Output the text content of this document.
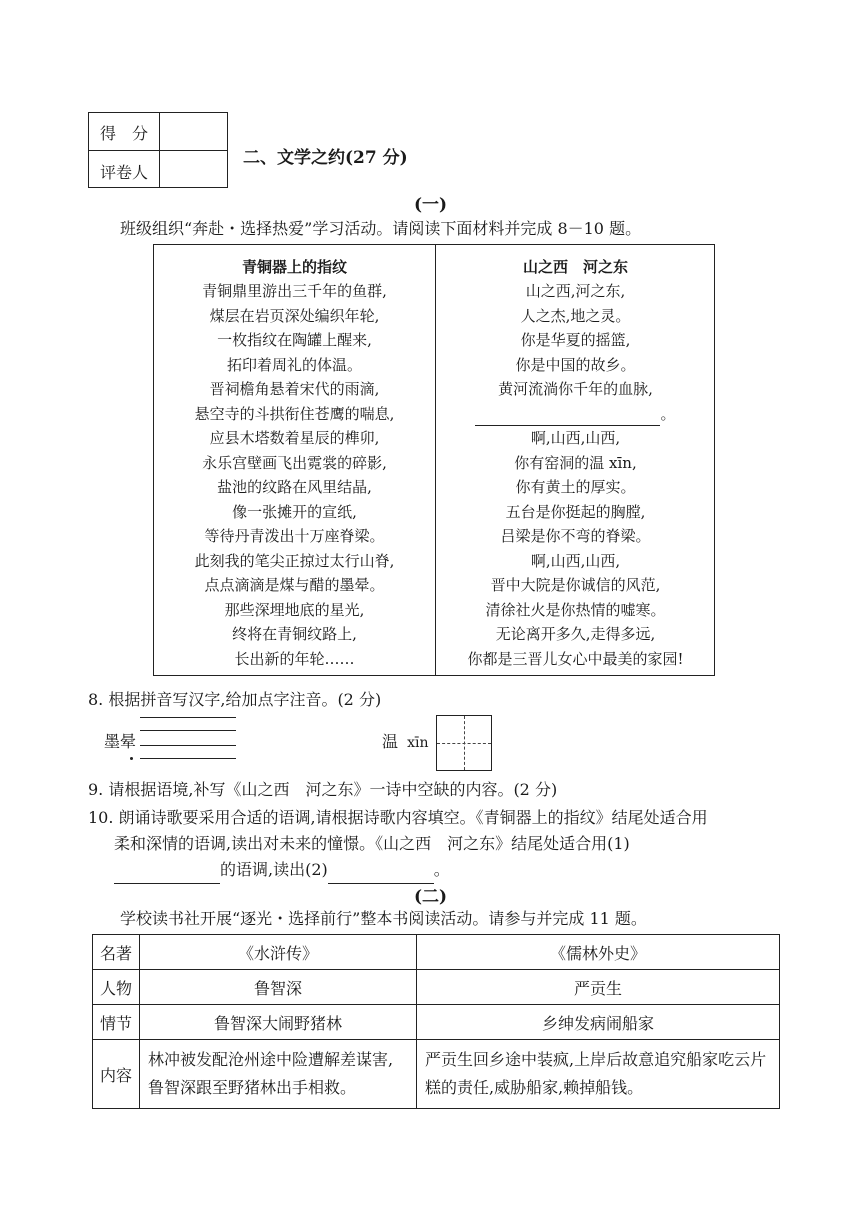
得　分
评卷人
二、文学之约(27 分)
(一)
班级组织“奔赴・选择热爱”学习活动。请阅读下面材料并完成 8－10 题。
青铜器上的指纹
青铜鼎里游出三千年的鱼群,
煤层在岩页深处编织年轮,
一枚指纹在陶罐上醒来,
拓印着周礼的体温。
晋祠檐角悬着宋代的雨滴,
悬空寺的斗拱衔住苍鹰的喘息,
应县木塔数着星辰的榫卯,
永乐宫壁画飞出霓裳的碎影,
盐池的纹路在风里结晶,
像一张摊开的宣纸,
等待丹青泼出十万座脊梁。
此刻我的笔尖正掠过太行山脊,
点点滴滴是煤与醋的墨晕。
那些深埋地底的星光,
终将在青铜纹路上,
长出新的年轮……
山之西　河之东
山之西,河之东,
人之杰,地之灵。
你是华夏的摇篮,
你是中国的故乡。
黄河流淌你千年的血脉,
。
啊,山西,山西,
你有窑洞的温 xīn,
你有黄土的厚实。
五台是你挺起的胸膛,
吕梁是你不弯的脊梁。
啊,山西,山西,
晋中大院是你诚信的风范,
清徐社火是你热情的嘘寒。
无论离开多久,走得多远,
你都是三晋儿女心中最美的家园!
8. 根据拼音写汉字,给加点字注音。(2 分)
墨晕	温 xīn
9. 请根据语境,补写《山之西　河之东》一诗中空缺的内容。(2 分)
10. 朗诵诗歌要采用合适的语调,请根据诗歌内容填空。《青铜器上的指纹》结尾处适合用
柔和深情的语调,读出对未来的憧憬。《山之西　河之东》结尾处适合用(1)
的语调,读出(2)	。
(二)
学校读书社开展“逐光・选择前行”整本书阅读活动。请参与并完成 11 题。
名著	《水浒传》	《儒林外史》
人物	鲁智深	严贡生
情节	鲁智深大闹野猪林	乡绅发病闹船家
内容	林冲被发配沧州途中险遭解差谋害,鲁智深跟至野猪林出手相救。	严贡生回乡途中装疯,上岸后故意追究船家吃云片糕的责任,威胁船家,赖掉船钱。
